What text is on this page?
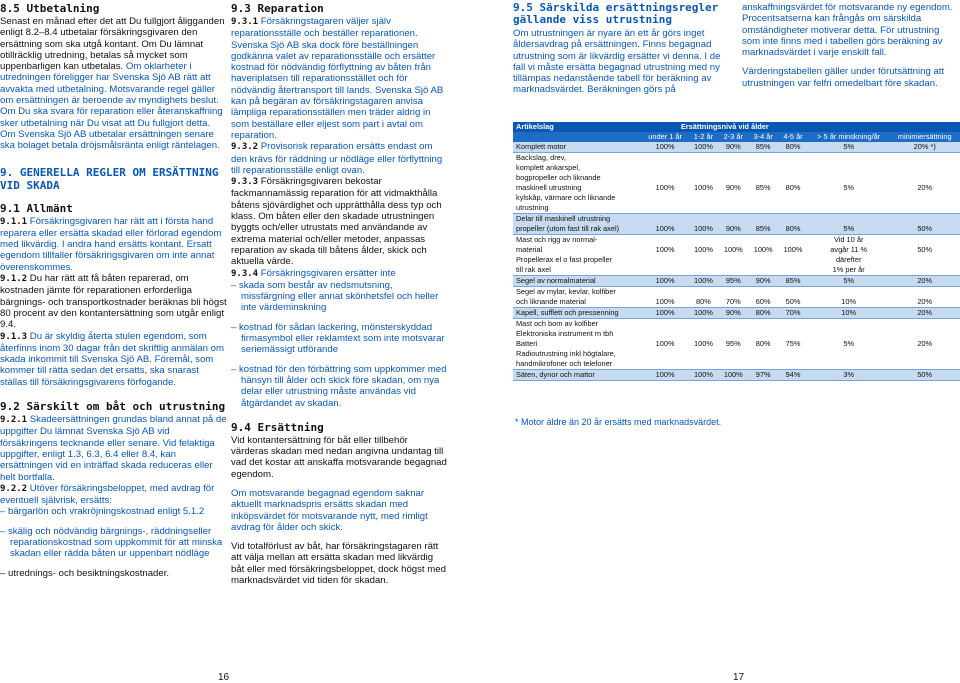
8.5 Utbetalning

Senast en månad efter det att Du fullgjort åligganden enligt 8.2–8.4 utbetalar försäkringsgivaren den ersättning som ska utgå kontant. Om Du lämnat otillräcklig utredning, betalas så mycket som uppenbarligen kan utbetalas. Om oklarheter i utredningen föreligger har Svenska Sjö AB rätt att avvakta med utbetalning. Motsvarande regel gäller om ersättningen är beroende av myndighets beslut. Om Du ska svara för reparation eller återanskaffning sker utbetalning när Du visat att Du fullgjort detta. Om Svenska Sjö AB utbetalar ersättningen senare ska bolaget betala dröjsmålsränta enligt räntelagen.

9. GENERELLA REGLER OM ERSÄTTNING VID SKADA
9.1 Allmänt

9.1.1 Försäkringsgivaren har rätt att i första hand reparera eller ersätta skadad eller förlorad egendom med likvärdig. I andra hand ersätts kontant. Ersatt egendom tillfaller försäkringsgivaren om inte annat överenskommes.

9.1.2 Du har rätt att få båten reparerad, om kostnaden jämte för reparationen erforderliga bärgnings- och transportkostnader beräknas bli högst 80 procent av den kontantersättning som utgår enligt 9.4.

9.1.3 Du är skyldig återta stulen egendom, som återfinns inom 30 dagar från det skriftlig anmälan om skada inkommit till Svenska Sjö AB. Föremål, som kommer till rätta sedan det ersatts, ska snarast ställas till försäkringsgivarens förfogande.

9.2 Särskilt om båt och utrustning

9.2.1 Skadeersättningen grundas bland annat på de uppgifter Du lämnat Svenska Sjö AB vid försäkringens tecknande eller senare. Vid felaktiga uppgifter, enligt 1.3, 6.3, 6.4 eller 8.4, kan ersättningen vid en inträffad skada reduceras eller helt bortfalla.

9.2.2 Utöver försäkringsbeloppet, med avdrag för eventuell självrisk, ersätts:

– bärgarlön och vrakröjningskostnad enligt 5.1.2

– skälig och nödvändig bärgnings-, räddningseller reparationskostnad som uppkommit för att minska skadan eller rädda båten ur uppenbart nödläge

– utrednings- och besiktningskostnader.

9.3 Reparation

9.3.1 Försäkringstagaren väljer själv reparationsställe och beställer reparationen. Svenska Sjö AB ska dock före beställningen godkänna valet av reparationsställe och ersätter kostnad för nödvändig förflyttning av båten från haveriplatsen till reparationsstället och för nödvändig återtransport till lands. Svenska Sjö AB kan på begäran av försäkringstagaren anvisa lämpliga reparationsställen men träder aldrig in som beställare eller eljest som part i avtal om reparation.

9.3.2 Provisorisk reparation ersätts endast om den krävs för räddning ur nödläge eller förflyttning till reparationsställe enligt ovan.

9.3.3 Försäkringsgivaren bekostar fackmannamässig reparation för att vidmakthålla båtens sjövärdighet och upprätthålla dess typ och klass. Om båten eller den skadade utrustningen byggts och/eller utrustats med användande av extrema material och/eller metoder, anpassas reparation av skada till båtens ålder, skick och aktuella värde.

9.3.4 Försäkringsgivaren ersätter inte

– skada som består av nedsmutsning, missfärgning eller annat skönhetsfel och heller inte värdeminskning

– kostnad för sådan lackering, mönsterskyddad firmasymbol eller reklamtext som inte motsvarar seriemässigt utförande

– kostnad för den förbättring som uppkommer med hänsyn till ålder och skick före skadan, om nya delar eller utrustning måste användas vid åtgärdandet av skadan.

9.4 Ersättning

Vid kontantersättning för båt eller tillbehör värderas skadan med nedan angivna undantag till vad det kostar att anskaffa motsvarande begagnad egendom.

Om motsvarande begagnad egendom saknar aktuellt marknadspris ersätts skadan med inköpsvärdet för motsvarande nytt, med rimligt avdrag för ålder och skick.

Vid totalförlust av båt, har försäkringstagaren rätt att välja mellan att ersätta skadan med likvärdig båt eller med försäkringsbeloppet, dock högst med marknadsvärdet vid tiden för skadan.

9.5 Särskilda ersättningsregler gällande viss utrustning

Om utrustningen är nyare än ett år görs inget åldersavdrag på ersättningen. Finns begagnad utrustning som är likvärdig ersätter vi denna. I de fall vi måste ersätta begagnad utrustning med ny tillämpas nedanstående tabell för beräkning av marknadsvärdet. Beräkningen görs på

anskaffningsvärdet för motsvarande ny egendom. Procentsatserna kan frångås om särskilda omständigheter motiverar detta. För utrustning som inte finns med i tabellen görs beräkning av marknadsvärdet i varje enskilt fall.

Värderingstabellen gäller under förutsättning att utrustningen var felfri omedelbart före skadan.

Artikelslag	Ersättningsnivå vid ålder						
	under 1 år	1-2 år	2-3 år	3-4 år	4-5 år	> 5 år minskning/år	minimiersättning
Komplett motor	100%	100%	90%	85%	80%	5%	20% *)
Backslag, drev,							
komplett ankarspel,							
bogpropeller och liknande							
maskinell utrustning	100%	100%	90%	85%	80%	5%	20%
kylskåp, värmare och liknande							
utrustning							
Delar till maskinell utrustning							
propeller (utom fast till rak axel)	100%	100%	90%	85%	80%	5%	50%
Mast och rigg av normal-						Vid 10 år	
material	100%	100%	100%	100%	100%	avgår 11 %	50%
Propellerax el o fast propeller						därefter	
till rak axel						1% per år	
Segel av normalmaterial	100%	100%	95%	90%	85%	5%	20%
Segel av mylar, kevlar, kolfiber							
och liknande material	100%	80%	70%	60%	50%	10%	20%
Kapell, sufflett och pressenning	100%	100%	90%	80%	70%	10%	20%
Mast och bom av kolfiber							
Elektroniska instrument m tbh							
Batteri	100%	100%	95%	80%	75%	5%	20%
Radioutrustning inkl högtalare,							
handmikrofoner och telefoner							
Säten, dynor och mattor	100%	100%	100%	97%	94%	3%	50%
* Motor äldre än 20 år ersätts med marknadsvärdet.
16	17
